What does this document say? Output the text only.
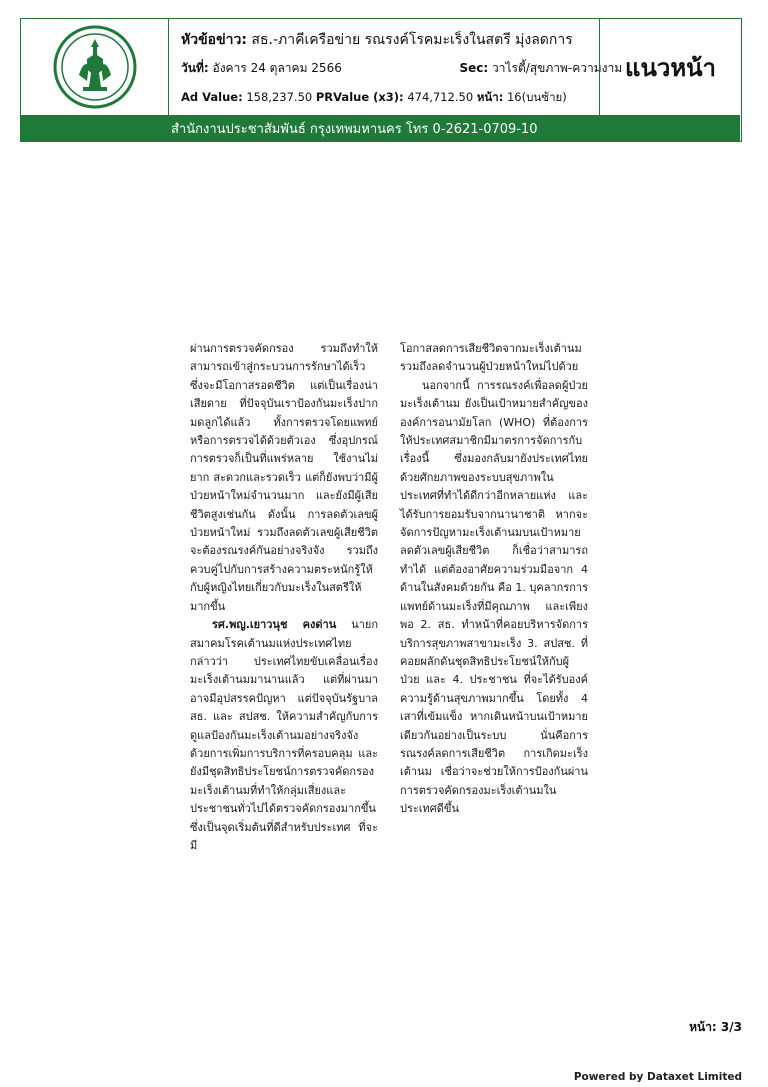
หัวข้อข่าว: สธ.-ภาคีเครือข่าย รณรงค์โรคมะเร็งในสตรี มุ่งลดการ
วันที่: อังคาร 24 ตุลาคม 2566	Sec: วาไรตี้/สุขภาพ-ความงาม
Ad Value: 158,237.50 PRValue (x3): 474,712.50 หน้า: 16(บนซ้าย)
แนวหน้า
สำนักงานประชาสัมพันธ์ กรุงเทพมหานคร โทร 0-2621-0709-10

ผ่านการตรวจคัดกรอง รวมถึงทำให้สามารถเข้าสู่กระบวนการรักษาได้เร็วซึ่งจะมีโอกาสรอดชีวิต แต่เป็นเรื่องน่าเสียดาย ที่ปัจจุบันเราป้องกันมะเร็งปากมดลูกได้แล้ว ทั้งการตรวจโดยแพทย์หรือการตรวจได้ด้วยตัวเอง ซึ่งอุปกรณ์การตรวจก็เป็นที่แพร่หลาย ใช้งานไม่ยาก สะดวกและรวดเร็ว แต่ก็ยังพบว่ามีผู้ป่วยหน้าใหม่จำนวนมาก และยังมีผู้เสียชีวิตสูงเช่นกัน ดังนั้น การลดตัวเลขผู้ป่วยหน้าใหม่ รวมถึงลดตัวเลขผู้เสียชีวิต จะต้องรณรงค์กันอย่างจริงจัง รวมถึงควบคู่ไปกับการสร้างความตระหนักรู้ให้กับผู้หญิงไทยเกี่ยวกับมะเร็งในสตรีให้มากขึ้น

รศ.พญ.เยาวนุช คงด่าน นายกสมาคมโรคเต้านมแห่งประเทศไทย กล่าวว่า ประเทศไทยขับเคลื่อนเรื่องมะเร็งเต้านมมานานแล้ว แต่ที่ผ่านมาอาจมีอุปสรรคปัญหา แต่ปัจจุบันรัฐบาล สธ. และ สปสช. ให้ความสำคัญกับการดูแลป้องกันมะเร็งเต้านมอย่างจริงจัง ด้วยการเพิ่มการบริการที่ครอบคลุม และยังมีชุดสิทธิประโยชน์การตรวจคัดกรองมะเร็งเต้านมที่ทำให้กลุ่มเสี่ยงและประชาชนทั่วไปได้ตรวจคัดกรองมากขึ้น ซึ่งเป็นจุดเริ่มต้นที่ดีสำหรับประเทศ ที่จะมี

โอกาสลดการเสียชีวิตจากมะเร็งเต้านม รวมถึงลดจำนวนผู้ป่วยหน้าใหม่ไปด้วย

นอกจากนี้ การรณรงค์เพื่อลดผู้ป่วยมะเร็งเต้านม ยังเป็นเป้าหมายสำคัญขององค์การอนามัยโลก (WHO) ที่ต้องการให้ประเทศสมาชิกมีมาตรการจัดการกับเรื่องนี้ ซึ่งมองกลับมายังประเทศไทย ด้วยศักยภาพของระบบสุขภาพในประเทศที่ทำได้ดีกว่าอีกหลายแห่ง และได้รับการยอมรับจากนานาชาติ หากจะจัดการปัญหามะเร็งเต้านมบนเป้าหมายลดตัวเลขผู้เสียชีวิต ก็เชื่อว่าสามารถทำได้ แต่ต้องอาศัยความร่วมมือจาก 4 ด้านในสังคมด้วยกัน คือ 1. บุคลากรการแพทย์ด้านมะเร็งที่มีคุณภาพ และเพียงพอ 2. สธ. ทำหน้าที่คอยบริหารจัดการบริการสุขภาพสาขามะเร็ง 3. สปสช. ที่คอยผลักดันชุดสิทธิประโยชน์ให้กับผู้ป่วย และ 4. ประชาชน ที่จะได้รับองค์ความรู้ด้านสุขภาพมากขึ้น โดยทั้ง 4 เสาที่เข้มแข็ง หากเดินหน้าบนเป้าหมายเดียวกันอย่างเป็นระบบ นั่นคือการรณรงค์ลดการเสียชีวิต การเกิดมะเร็งเต้านม เชื่อว่าจะช่วยให้การป้องกันผ่านการตรวจคัดกรองมะเร็งเต้านมในประเทศดีขึ้น

หน้า: 3/3
Powered by Dataxet Limited
